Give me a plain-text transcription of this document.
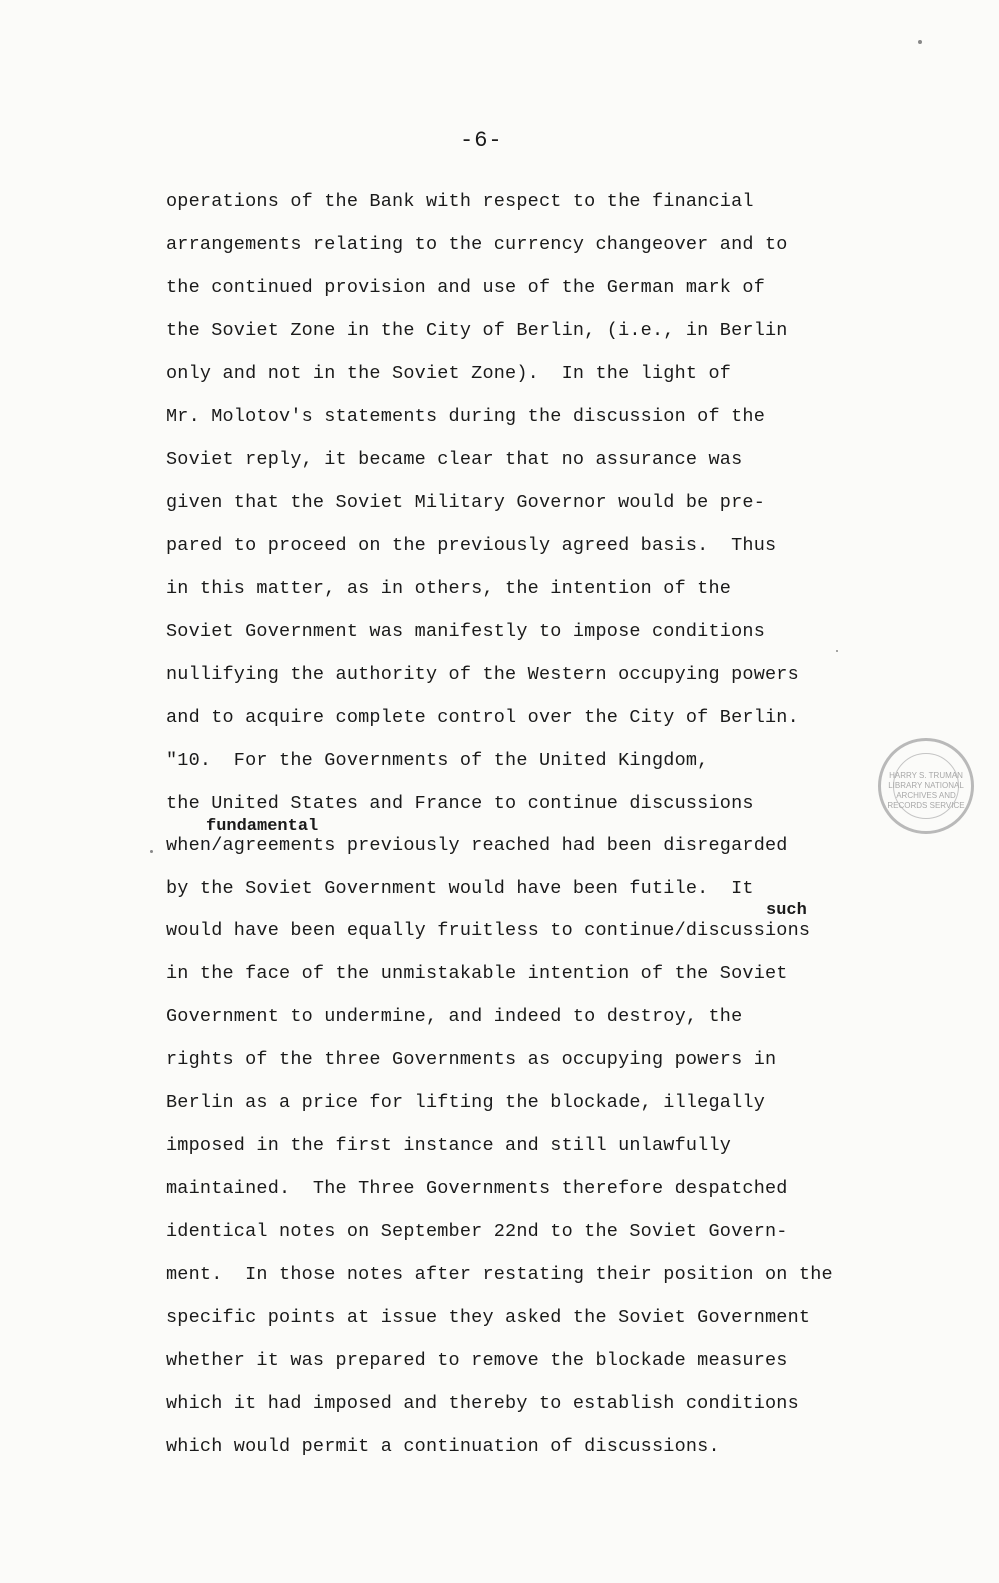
-6-
operations of the Bank with respect to the financial
arrangements relating to the currency changeover and to
the continued provision and use of the German mark of
the Soviet Zone in the City of Berlin, (i.e., in Berlin
only and not in the Soviet Zone).  In the light of
Mr. Molotov's statements during the discussion of the
Soviet reply, it became clear that no assurance was
given that the Soviet Military Governor would be pre-
pared to proceed on the previously agreed basis.  Thus
in this matter, as in others, the intention of the
Soviet Government was manifestly to impose conditions
nullifying the authority of the Western occupying powers
and to acquire complete control over the City of Berlin.
"10.  For the Governments of the United Kingdom,
the United States and France to continue discussions
fundamental
when/agreements previously reached had been disregarded
by the Soviet Government would have been futile.  It
such
would have been equally fruitless to continue/discussions
in the face of the unmistakable intention of the Soviet
Government to undermine, and indeed to destroy, the
rights of the three Governments as occupying powers in
Berlin as a price for lifting the blockade, illegally
imposed in the first instance and still unlawfully
maintained.  The Three Governments therefore despatched
identical notes on September 22nd to the Soviet Govern-
ment.  In those notes after restating their position on the
specific points at issue they asked the Soviet Government
whether it was prepared to remove the blockade measures
which it had imposed and thereby to establish conditions
which would permit a continuation of discussions.
HARRY S. TRUMAN LIBRARY NATIONAL ARCHIVES AND RECORDS SERVICE
